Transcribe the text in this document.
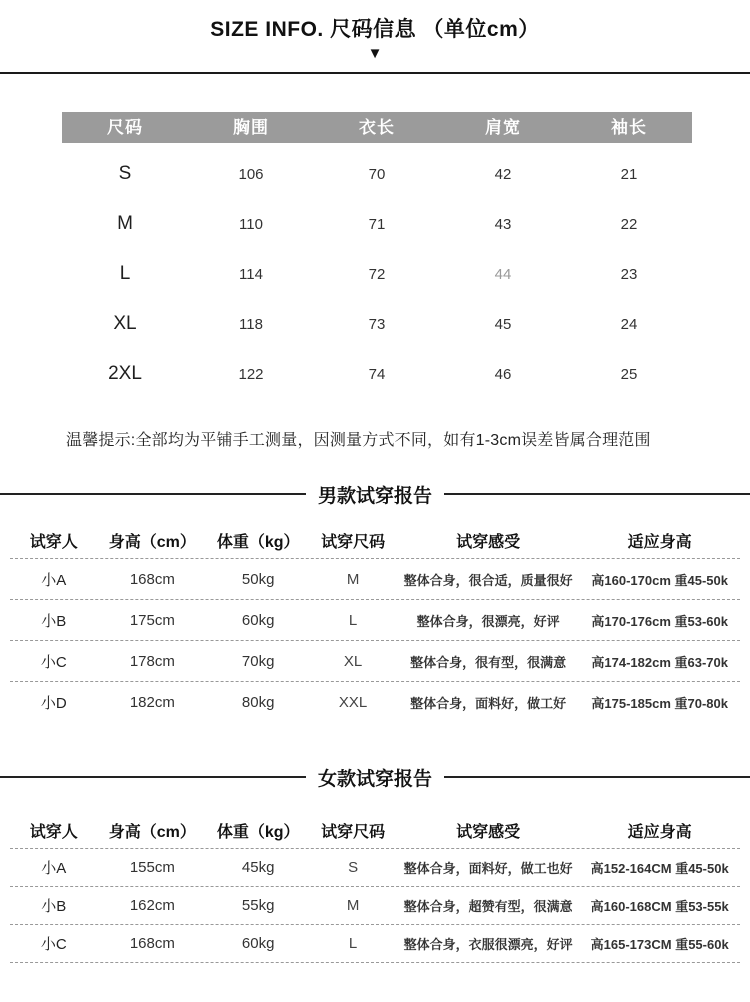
SIZE INFO. 尺码信息 （单位cm）
▼
尺码	胸围	衣长	肩宽	袖长
S	106	70	42	21
M	110	71	43	22
L	114	72	44	23
XL	118	73	45	24
2XL	122	74	46	25
温馨提示:全部均为平铺手工测量，因测量方式不同，如有1-3cm误差皆属合理范围
男款试穿报告
试穿人	身高（cm）	体重（kg）	试穿尺码	试穿感受	适应身高
小A	168cm	50kg	M	整体合身，很合适，质量很好	高160-170cm 重45-50k
小B	175cm	60kg	L	整体合身，很漂亮，好评	高170-176cm 重53-60k
小C	178cm	70kg	XL	整体合身，很有型，很满意	高174-182cm 重63-70k
小D	182cm	80kg	XXL	整体合身，面料好，做工好	高175-185cm 重70-80k
女款试穿报告
试穿人	身高（cm）	体重（kg）	试穿尺码	试穿感受	适应身高
小A	155cm	45kg	S	整体合身，面料好，做工也好	高152-164CM 重45-50k
小B	162cm	55kg	M	整体合身，超赞有型，很满意	高160-168CM 重53-55k
小C	168cm	60kg	L	整体合身，衣服很漂亮，好评	高165-173CM 重55-60k
